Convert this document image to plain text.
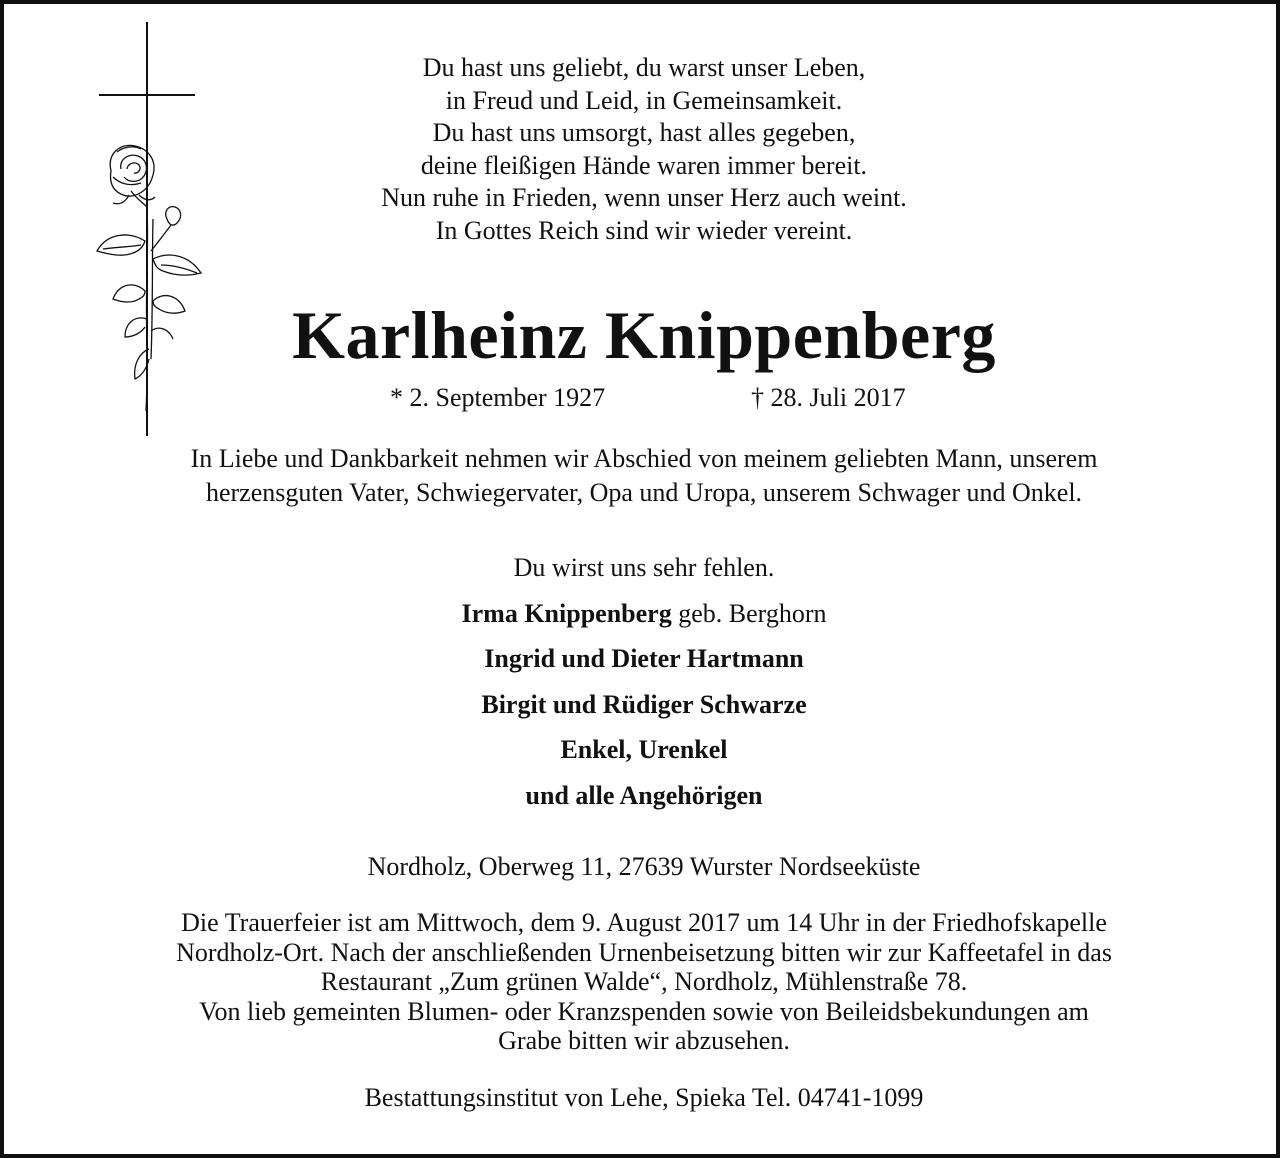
Du hast uns geliebt, du warst unser Leben,
in Freud und Leid, in Gemeinsamkeit.
Du hast uns umsorgt, hast alles gegeben,
deine fleißigen Hände waren immer bereit.
Nun ruhe in Frieden, wenn unser Herz auch weint.
In Gottes Reich sind wir wieder vereint.
Karlheinz Knippenberg
* 2. September 1927	† 28. Juli 2017
In Liebe und Dankbarkeit nehmen wir Abschied von meinem geliebten Mann, unserem
herzensguten Vater, Schwiegervater, Opa und Uropa, unserem Schwager und Onkel.
Du wirst uns sehr fehlen.
Irma Knippenberg geb. Berghorn
Ingrid und Dieter Hartmann
Birgit und Rüdiger Schwarze
Enkel, Urenkel
und alle Angehörigen
Nordholz, Oberweg 11, 27639 Wurster Nordseeküste
Die Trauerfeier ist am Mittwoch, dem 9. August 2017 um 14 Uhr in der Friedhofskapelle
Nordholz-Ort. Nach der anschließenden Urnenbeisetzung bitten wir zur Kaffeetafel in das
Restaurant „Zum grünen Walde“, Nordholz, Mühlenstraße 78.
Von lieb gemeinten Blumen- oder Kranzspenden sowie von Beileidsbekundungen am
Grabe bitten wir abzusehen.
Bestattungsinstitut von Lehe, Spieka Tel. 04741-1099
